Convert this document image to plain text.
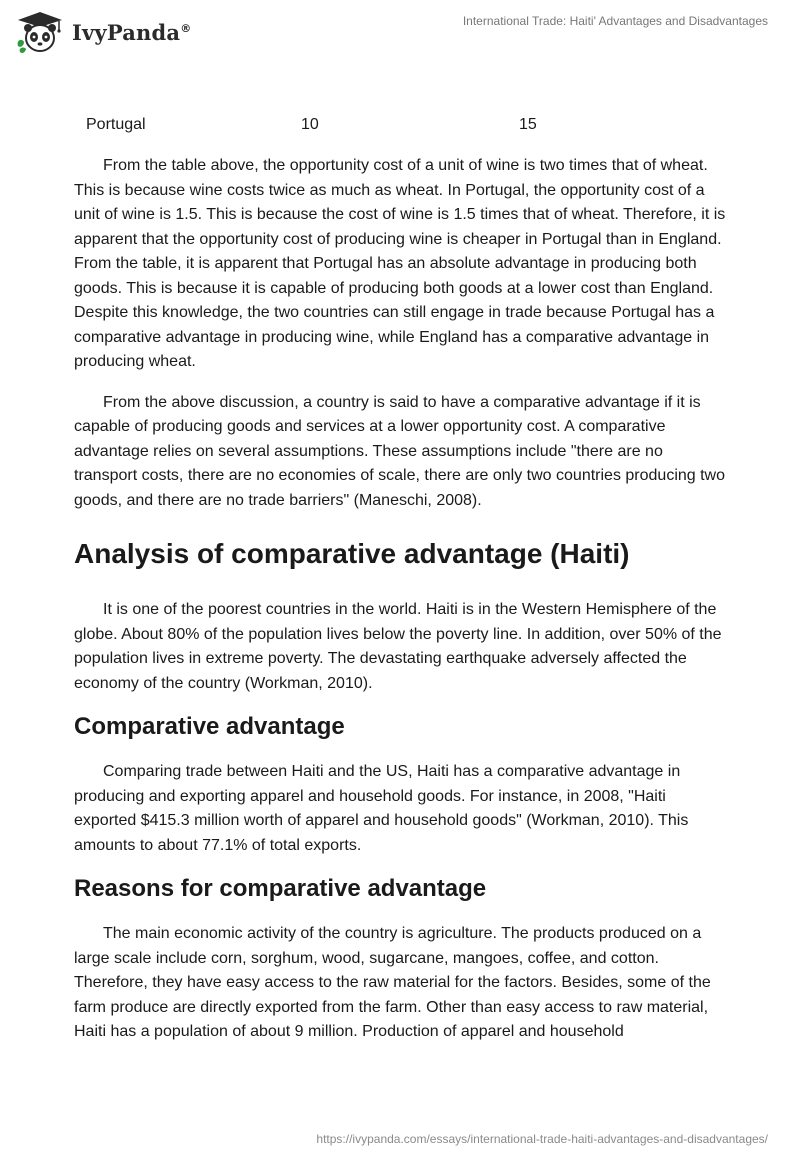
IvyPanda®	International Trade: Haiti' Advantages and Disadvantages
Portugal	10	15

From the table above, the opportunity cost of a unit of wine is two times that of wheat. This is because wine costs twice as much as wheat. In Portugal, the opportunity cost of a unit of wine is 1.5. This is because the cost of wine is 1.5 times that of wheat. Therefore, it is apparent that the opportunity cost of producing wine is cheaper in Portugal than in England. From the table, it is apparent that Portugal has an absolute advantage in producing both goods. This is because it is capable of producing both goods at a lower cost than England. Despite this knowledge, the two countries can still engage in trade because Portugal has a comparative advantage in producing wine, while England has a comparative advantage in producing wheat.

From the above discussion, a country is said to have a comparative advantage if it is capable of producing goods and services at a lower opportunity cost. A comparative advantage relies on several assumptions. These assumptions include "there are no transport costs, there are no economies of scale, there are only two countries producing two goods, and there are no trade barriers" (Maneschi, 2008).

Analysis of comparative advantage (Haiti)

It is one of the poorest countries in the world. Haiti is in the Western Hemisphere of the globe. About 80% of the population lives below the poverty line. In addition, over 50% of the population lives in extreme poverty. The devastating earthquake adversely affected the economy of the country (Workman, 2010).

Comparative advantage

Comparing trade between Haiti and the US, Haiti has a comparative advantage in producing and exporting apparel and household goods. For instance, in 2008, "Haiti exported $415.3 million worth of apparel and household goods" (Workman, 2010). This amounts to about 77.1% of total exports.

Reasons for comparative advantage

The main economic activity of the country is agriculture. The products produced on a large scale include corn, sorghum, wood, sugarcane, mangoes, coffee, and cotton. Therefore, they have easy access to the raw material for the factors. Besides, some of the farm produce are directly exported from the farm. Other than easy access to raw material, Haiti has a population of about 9 million. Production of apparel and household

https://ivypanda.com/essays/international-trade-haiti-advantages-and-disadvantages/
